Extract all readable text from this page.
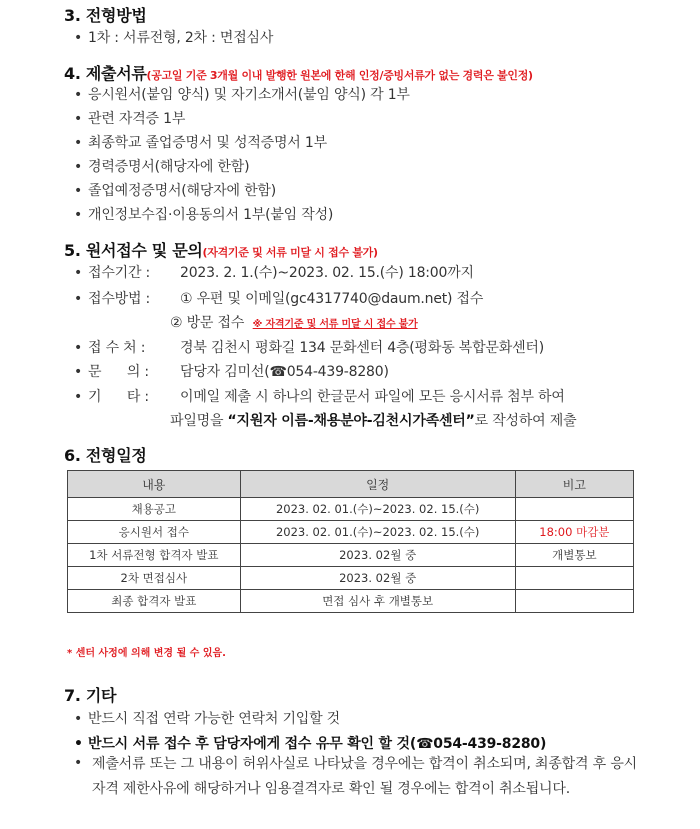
3. 전형방법
• 1차 : 서류전형, 2차 : 면접심사
4. 제출서류(공고일 기준 3개월 이내 발행한 원본에 한해 인정/증빙서류가 없는 경력은 불인정)
• 응시원서(붙임 양식) 및 자기소개서(붙임 양식) 각 1부
• 관련 자격증 1부
• 최종학교 졸업증명서 및 성적증명서 1부
• 경력증명서(해당자에 한함)
• 졸업예정증명서(해당자에 한함)
• 개인정보수집·이용동의서 1부(붙임 작성)
5. 원서접수 및 문의(자격기준 및 서류 미달 시 접수 불가)
• 접수기간 : 2023. 2. 1.(수)~2023. 02. 15.(수) 18:00까지
• 접수방법 : ① 우편 및 이메일(gc4317740@daum.net) 접수
② 방문 접수 ※ 자격기준 및 서류 미달 시 접수 불가
• 접 수 처 : 경북 김천시 평화길 134 문화센터 4층(평화동 복합문화센터)
• 문      의 : 담당자 김미선(☎054-439-8280)
• 기      타 : 이메일 제출 시 하나의 한글문서 파일에 모든 응시서류 첨부 하여
파일명을 “지원자 이름-채용분야-김천시가족센터”로 작성하여 제출
6. 전형일정
내용	일정	비고
채용공고	2023. 02. 01.(수)~2023. 02. 15.(수)	
응시원서 접수	2023. 02. 01.(수)~2023. 02. 15.(수)	18:00 마감분
1차 서류전형 합격자 발표	2023. 02월 중	개별통보
2차 면접심사	2023. 02월 중	
최종 합격자 발표	면접 심사 후 개별통보	
* 센터 사정에 의해 변경 될 수 있음.
7. 기타
• 반드시 직접 연락 가능한 연락처 기입할 것
• 반드시 서류 접수 후 담당자에게 접수 유무 확인 할 것(☎054-439-8280)
• 제출서류 또는 그 내용이 허위사실로 나타났을 경우에는 합격이 취소되며, 최종합격 후 응시자격 제한사유에 해당하거나 임용결격자로 확인 될 경우에는 합격이 취소됩니다.
